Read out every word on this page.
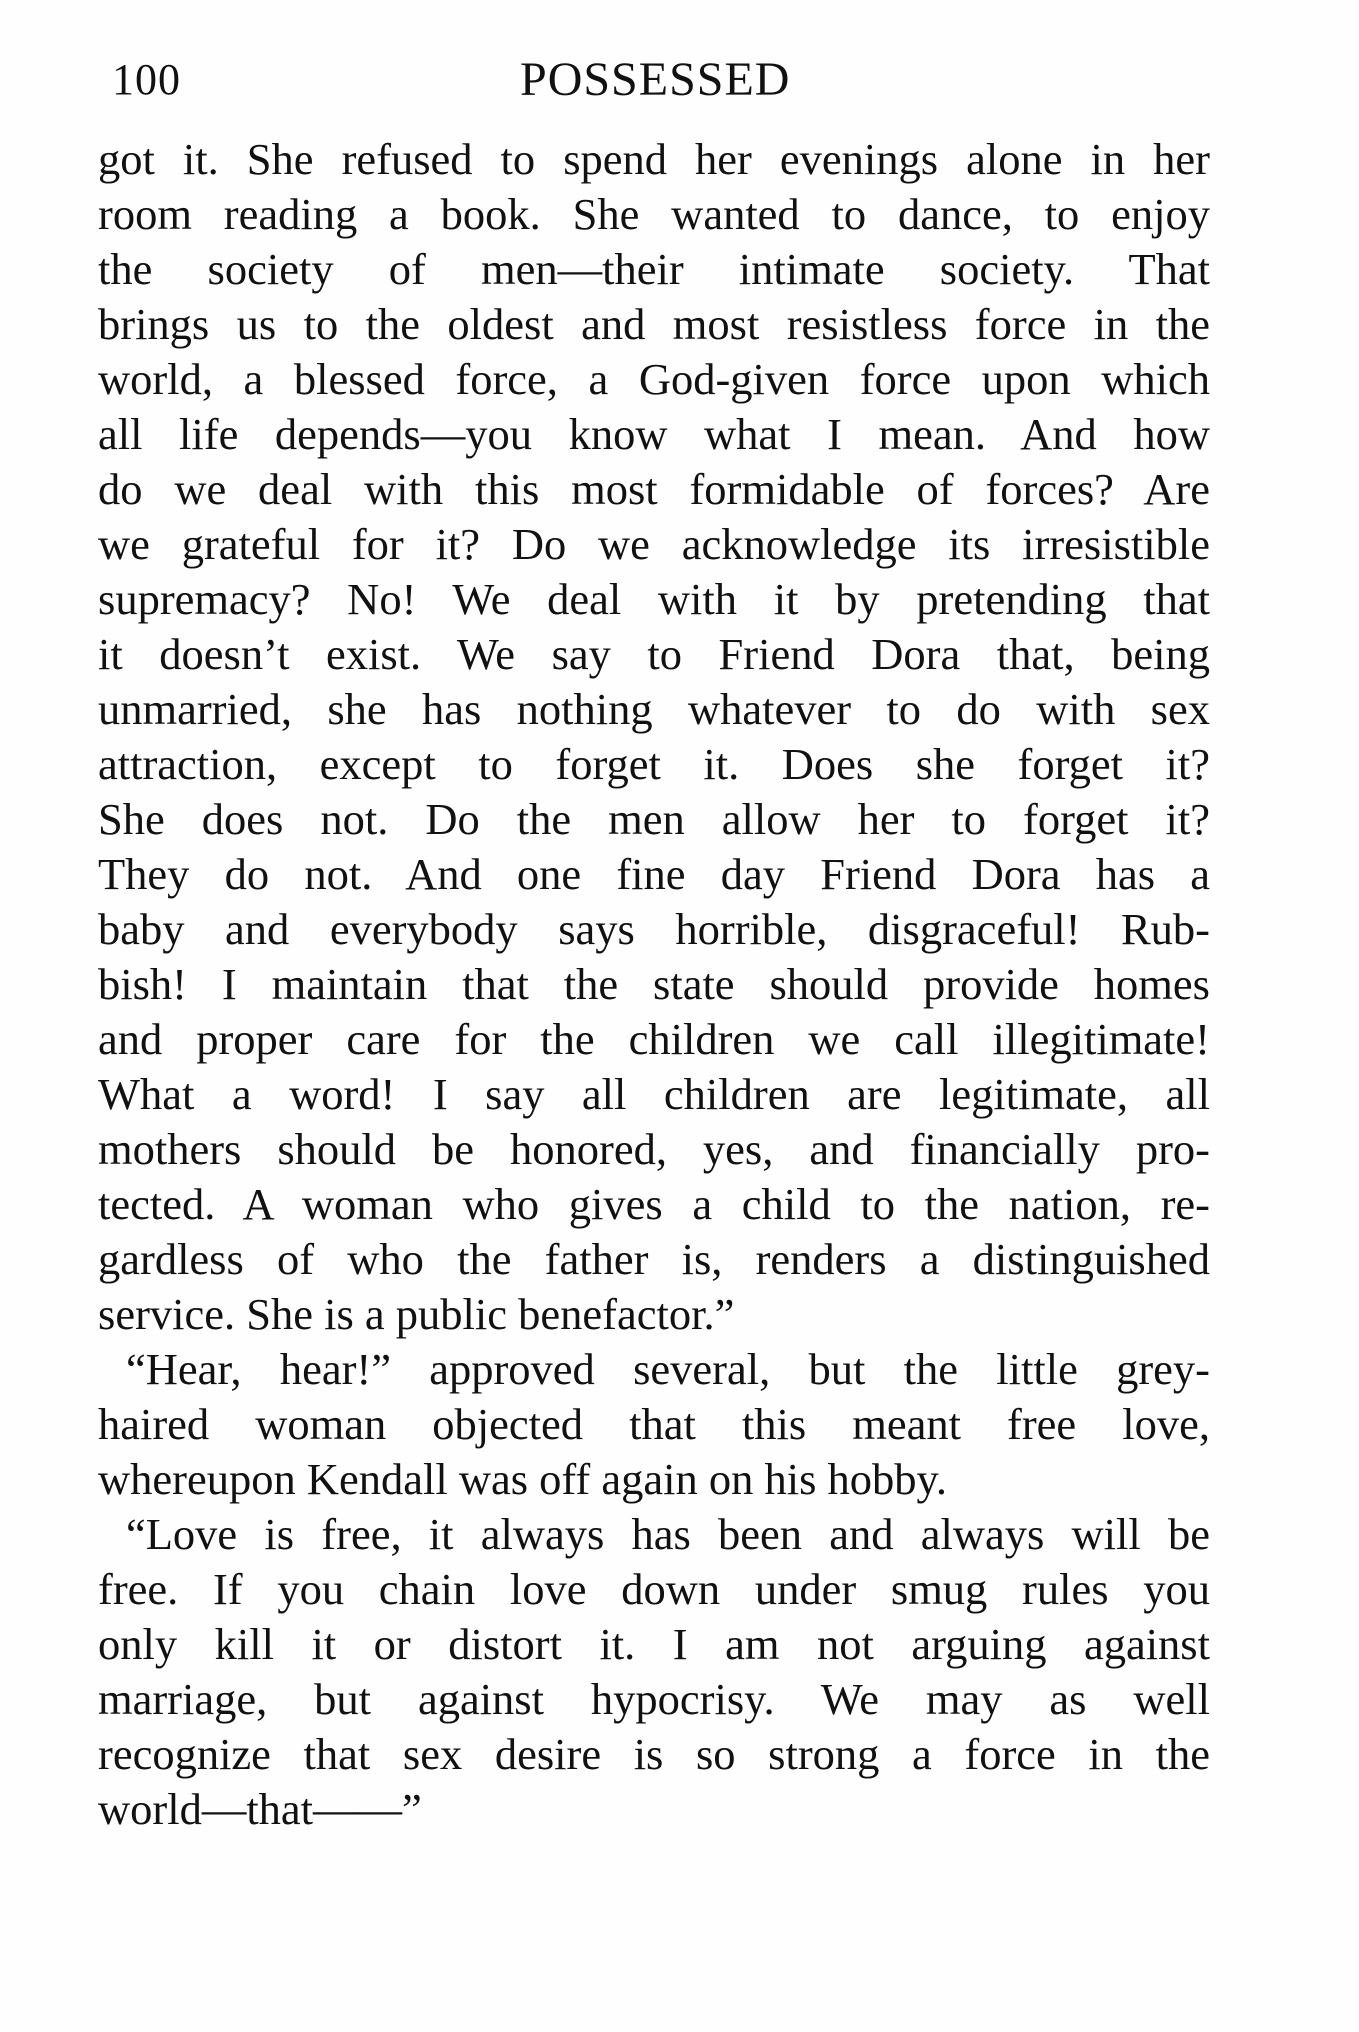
100	POSSESSED
got it. She refused to spend her evenings alone in her
room reading a book. She wanted to dance, to enjoy
the society of men—their intimate society. That
brings us to the oldest and most resistless force in the
world, a blessed force, a God-given force upon which
all life depends—you know what I mean. And how
do we deal with this most formidable of forces? Are
we grateful for it? Do we acknowledge its irresistible
supremacy? No! We deal with it by pretending that
it doesn’t exist. We say to Friend Dora that, being
unmarried, she has nothing whatever to do with sex
attraction, except to forget it. Does she forget it?
She does not. Do the men allow her to forget it?
They do not. And one fine day Friend Dora has a
baby and everybody says horrible, disgraceful! Rub-
bish! I maintain that the state should provide homes
and proper care for the children we call illegitimate!
What a word! I say all children are legitimate, all
mothers should be honored, yes, and financially pro-
tected. A woman who gives a child to the nation, re-
gardless of who the father is, renders a distinguished
service. She is a public benefactor.”
“Hear, hear!” approved several, but the little grey-
haired woman objected that this meant free love,
whereupon Kendall was off again on his hobby.
“Love is free, it always has been and always will be
free. If you chain love down under smug rules you
only kill it or distort it. I am not arguing against
marriage, but against hypocrisy. We may as well
recognize that sex desire is so strong a force in the
world—that——”
